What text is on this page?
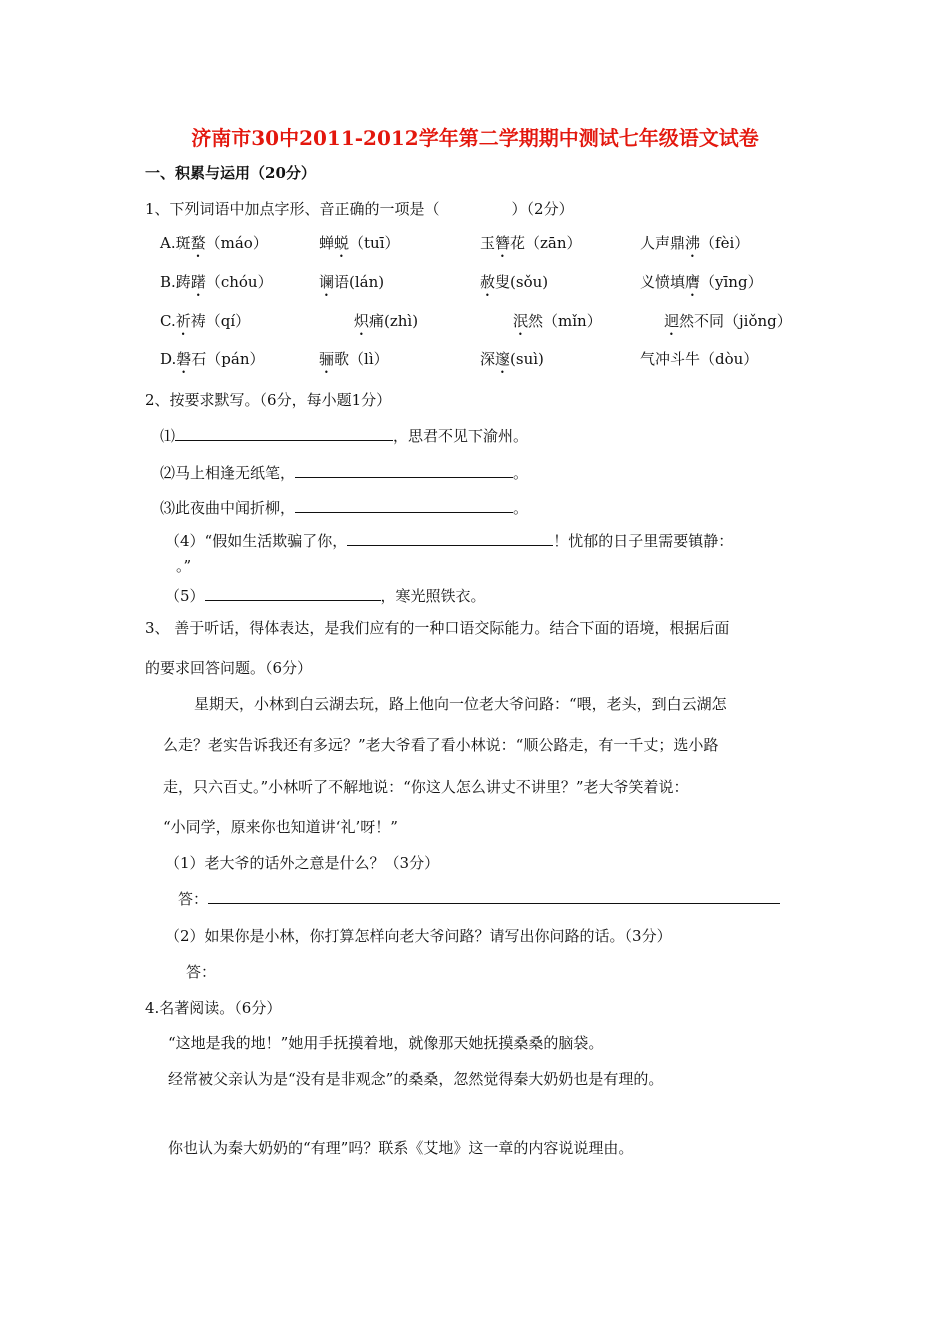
济南市30中2011-2012学年第二学期期中测试七年级语文试卷
一、积累与运用（20分）
1、下列词语中加点字形、音正确的一项是（	）（2分）
A.斑蝥（máo）	蝉蜕（tuī）	玉簪花（zān）	人声鼎沸（fèi）
B.踌躇（chóu）	谰语(lán)	赦叟(sǒu)	义愤填膺（yīng）
C.祈祷（qí）	炽痛(zhì)	泯然（mǐn）	迥然不同（jiǒng）
D.磐石（pán）	骊歌（lì）	深邃(suì)	气冲斗牛（dòu）
2、按要求默写。（6分，每小题1分）
⑴	，思君不见下渝州。
⑵马上相逢无纸笔，	。
⑶此夜曲中闻折柳，	。
（4）“假如生活欺骗了你，	！忧郁的日子里需要镇静：
。”
（5）	，寒光照铁衣。
3、 善于听话，得体表达，是我们应有的一种口语交际能力。结合下面的语境，根据后面
的要求回答问题。（6分）
星期天，小林到白云湖去玩，路上他向一位老大爷问路：“喂，老头，到白云湖怎
么走？老实告诉我还有多远？”老大爷看了看小林说：“顺公路走，有一千丈；选小路
走，只六百丈。”小林听了不解地说：“你这人怎么讲丈不讲里？”老大爷笑着说：
“小同学，原来你也知道讲‘礼’呀！”
（1）老大爷的话外之意是什么？（3分）
答：
（2）如果你是小林，你打算怎样向老大爷问路？请写出你问路的话。（3分）
答：
4.名著阅读。（6分）
“这地是我的地！”她用手抚摸着地，就像那天她抚摸桑桑的脑袋。
经常被父亲认为是“没有是非观念”的桑桑，忽然觉得秦大奶奶也是有理的。
你也认为秦大奶奶的“有理”吗？联系《艾地》这一章的内容说说理由。
